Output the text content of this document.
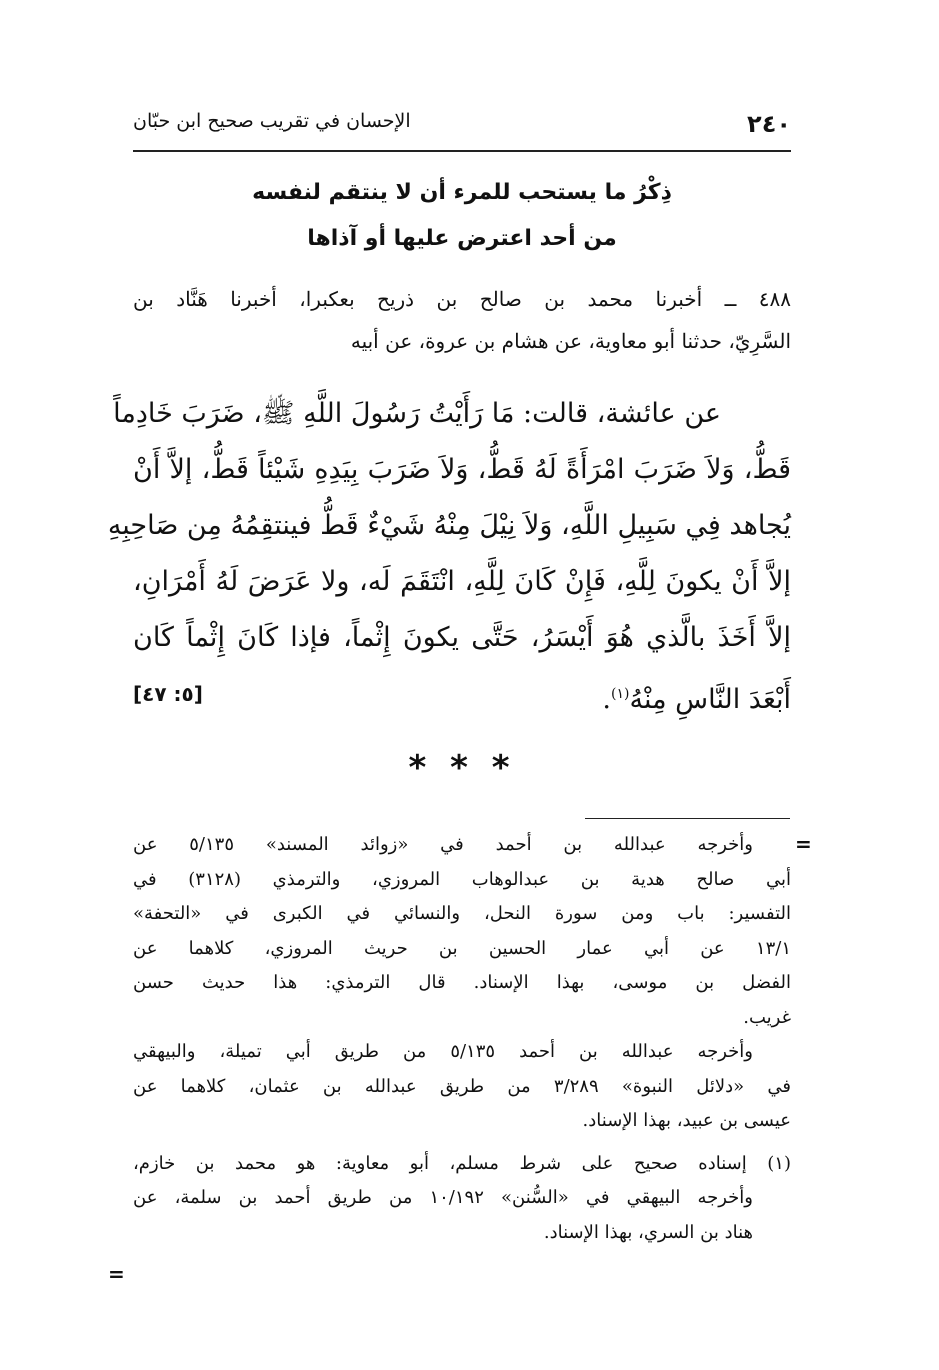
٢٤٠
الإحسان في تقريب صحيح ابن حبّان
ذِكْرُ ما يستحب للمرء أن لا ينتقم لنفسه
من أحد اعترض عليها أو آذاها
٤٨٨ ــ أخبرنا محمد بن صالح بن ذريح بعكبرا، أخبرنا هَنَّاد بن
السَّرِيّ، حدثنا أبو معاوية، عن هشام بن عروة، عن أبيه
عن عائشة، قالت: مَا رَأَيْتُ رَسُولَ اللَّهِ ﷺ، ضَرَبَ خَادِماً
قَطُّ، وَلاَ ضَرَبَ امْرَأَةً لَهُ قَطُّ، وَلاَ ضَرَبَ بِيَدِهِ شَيْئاً قَطُّ، إلاَّ أَنْ
يُجاهد فِي سَبِيلِ اللَّهِ، وَلاَ نِيْلَ مِنْهُ شَيْءٌ قَطُّ فينتقِمُهُ مِن صَاحِبِهِ
إلاَّ أَنْ يكونَ لِلَّهِ، فَإِنْ كَانَ لِلَّهِ، انْتَقَمَ لَه، ولا عَرَضَ لَهُ أَمْرَانِ،
إلاَّ أَخَذَ بالَّذي هُوَ أَيْسَرُ، حَتَّى يكونَ إِثْماً، فإذا كَانَ إِثْماً كَان
أَبْعَدَ النَّاسِ مِنْهُ$^{(١)}$.
[٥: ٤٧]
* * *
=
وأخرجه عبدالله بن أحمد في «زوائد المسند» ٥/١٣٥ عن
أبي صالح هدية بن عبدالوهاب المروزي، والترمذي (٣١٢٨) في
التفسير: باب ومن سورة النحل، والنسائي في الكبرى في «التحفة»
١٣/١ عن أبي عمار الحسين بن حريث المروزي، كلاهما عن
الفضل بن موسى، بهذا الإسناد. قال الترمذي: هذا حديث حسن
غريب.
وأخرجه عبدالله بن أحمد ٥/١٣٥ من طريق أبي تميلة، والبيهقي
في «دلائل النبوة» ٣/٢٨٩ من طريق عبدالله بن عثمان، كلاهما عن
عيسى بن عبيد، بهذا الإسناد.
(١) إسناده صحيح على شرط مسلم، أبو معاوية: هو محمد بن خازم،
وأخرجه البيهقي في «السُّنن» ١٠/١٩٢ من طريق أحمد بن سلمة، عن
هناد بن السري، بهذا الإسناد.
=
